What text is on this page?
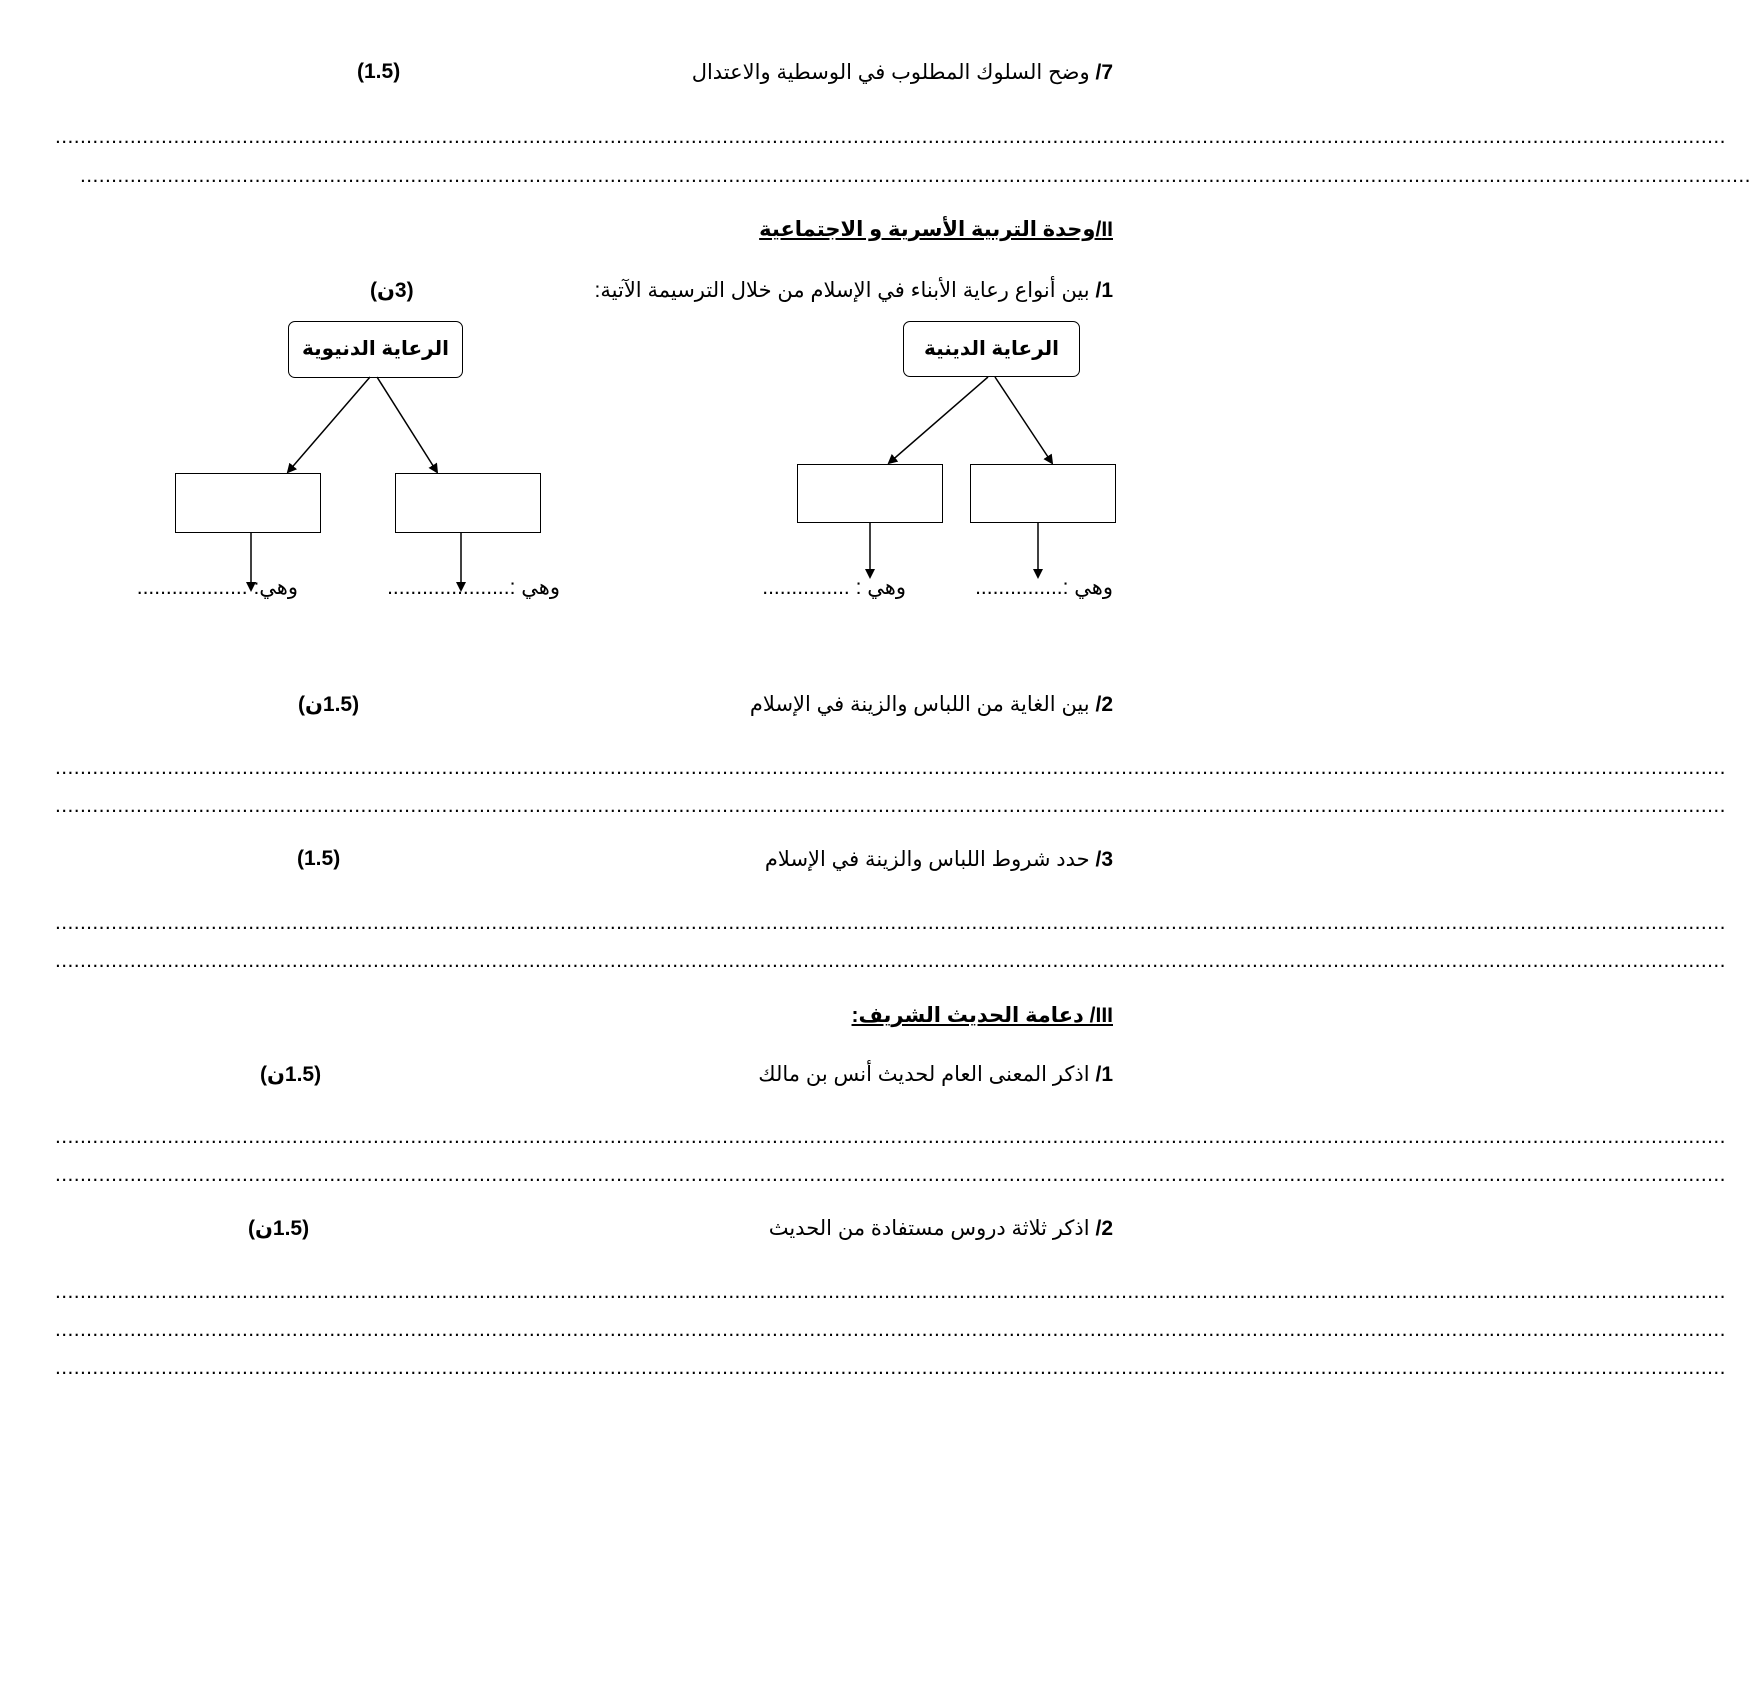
7/ وضح السلوك المطلوب في الوسطية والاعتدال
(1.5)
............................................................................................................................................................................................................................................................................
............................................................................................................................................................................................................................................................................
II/وحدة التربية الأسرية و الاجتماعية
1/ بين أنواع رعاية الأبناء في الإسلام من خلال الترسيمة الآتية:
(3ن)
الرعاية الدينية
الرعاية الدنيوية
وهي :...............
وهي : ...............
وهي :.....................
وهي: ...................
2/ بين الغاية من اللباس والزينة في الإسلام
(1.5ن)
............................................................................................................................................................................................................................................................................
............................................................................................................................................................................................................................................................................
3/ حدد شروط اللباس والزينة في الإسلام
(1.5)
............................................................................................................................................................................................................................................................................
............................................................................................................................................................................................................................................................................
III/ دعامة الحديث الشريف:
1/ اذكر المعنى العام لحديث أنس بن مالك
(1.5ن)
............................................................................................................................................................................................................................................................................
............................................................................................................................................................................................................................................................................
2/ اذكر ثلاثة دروس مستفادة من الحديث
(1.5ن)
............................................................................................................................................................................................................................................................................
............................................................................................................................................................................................................................................................................
............................................................................................................................................................................................................................................................................
